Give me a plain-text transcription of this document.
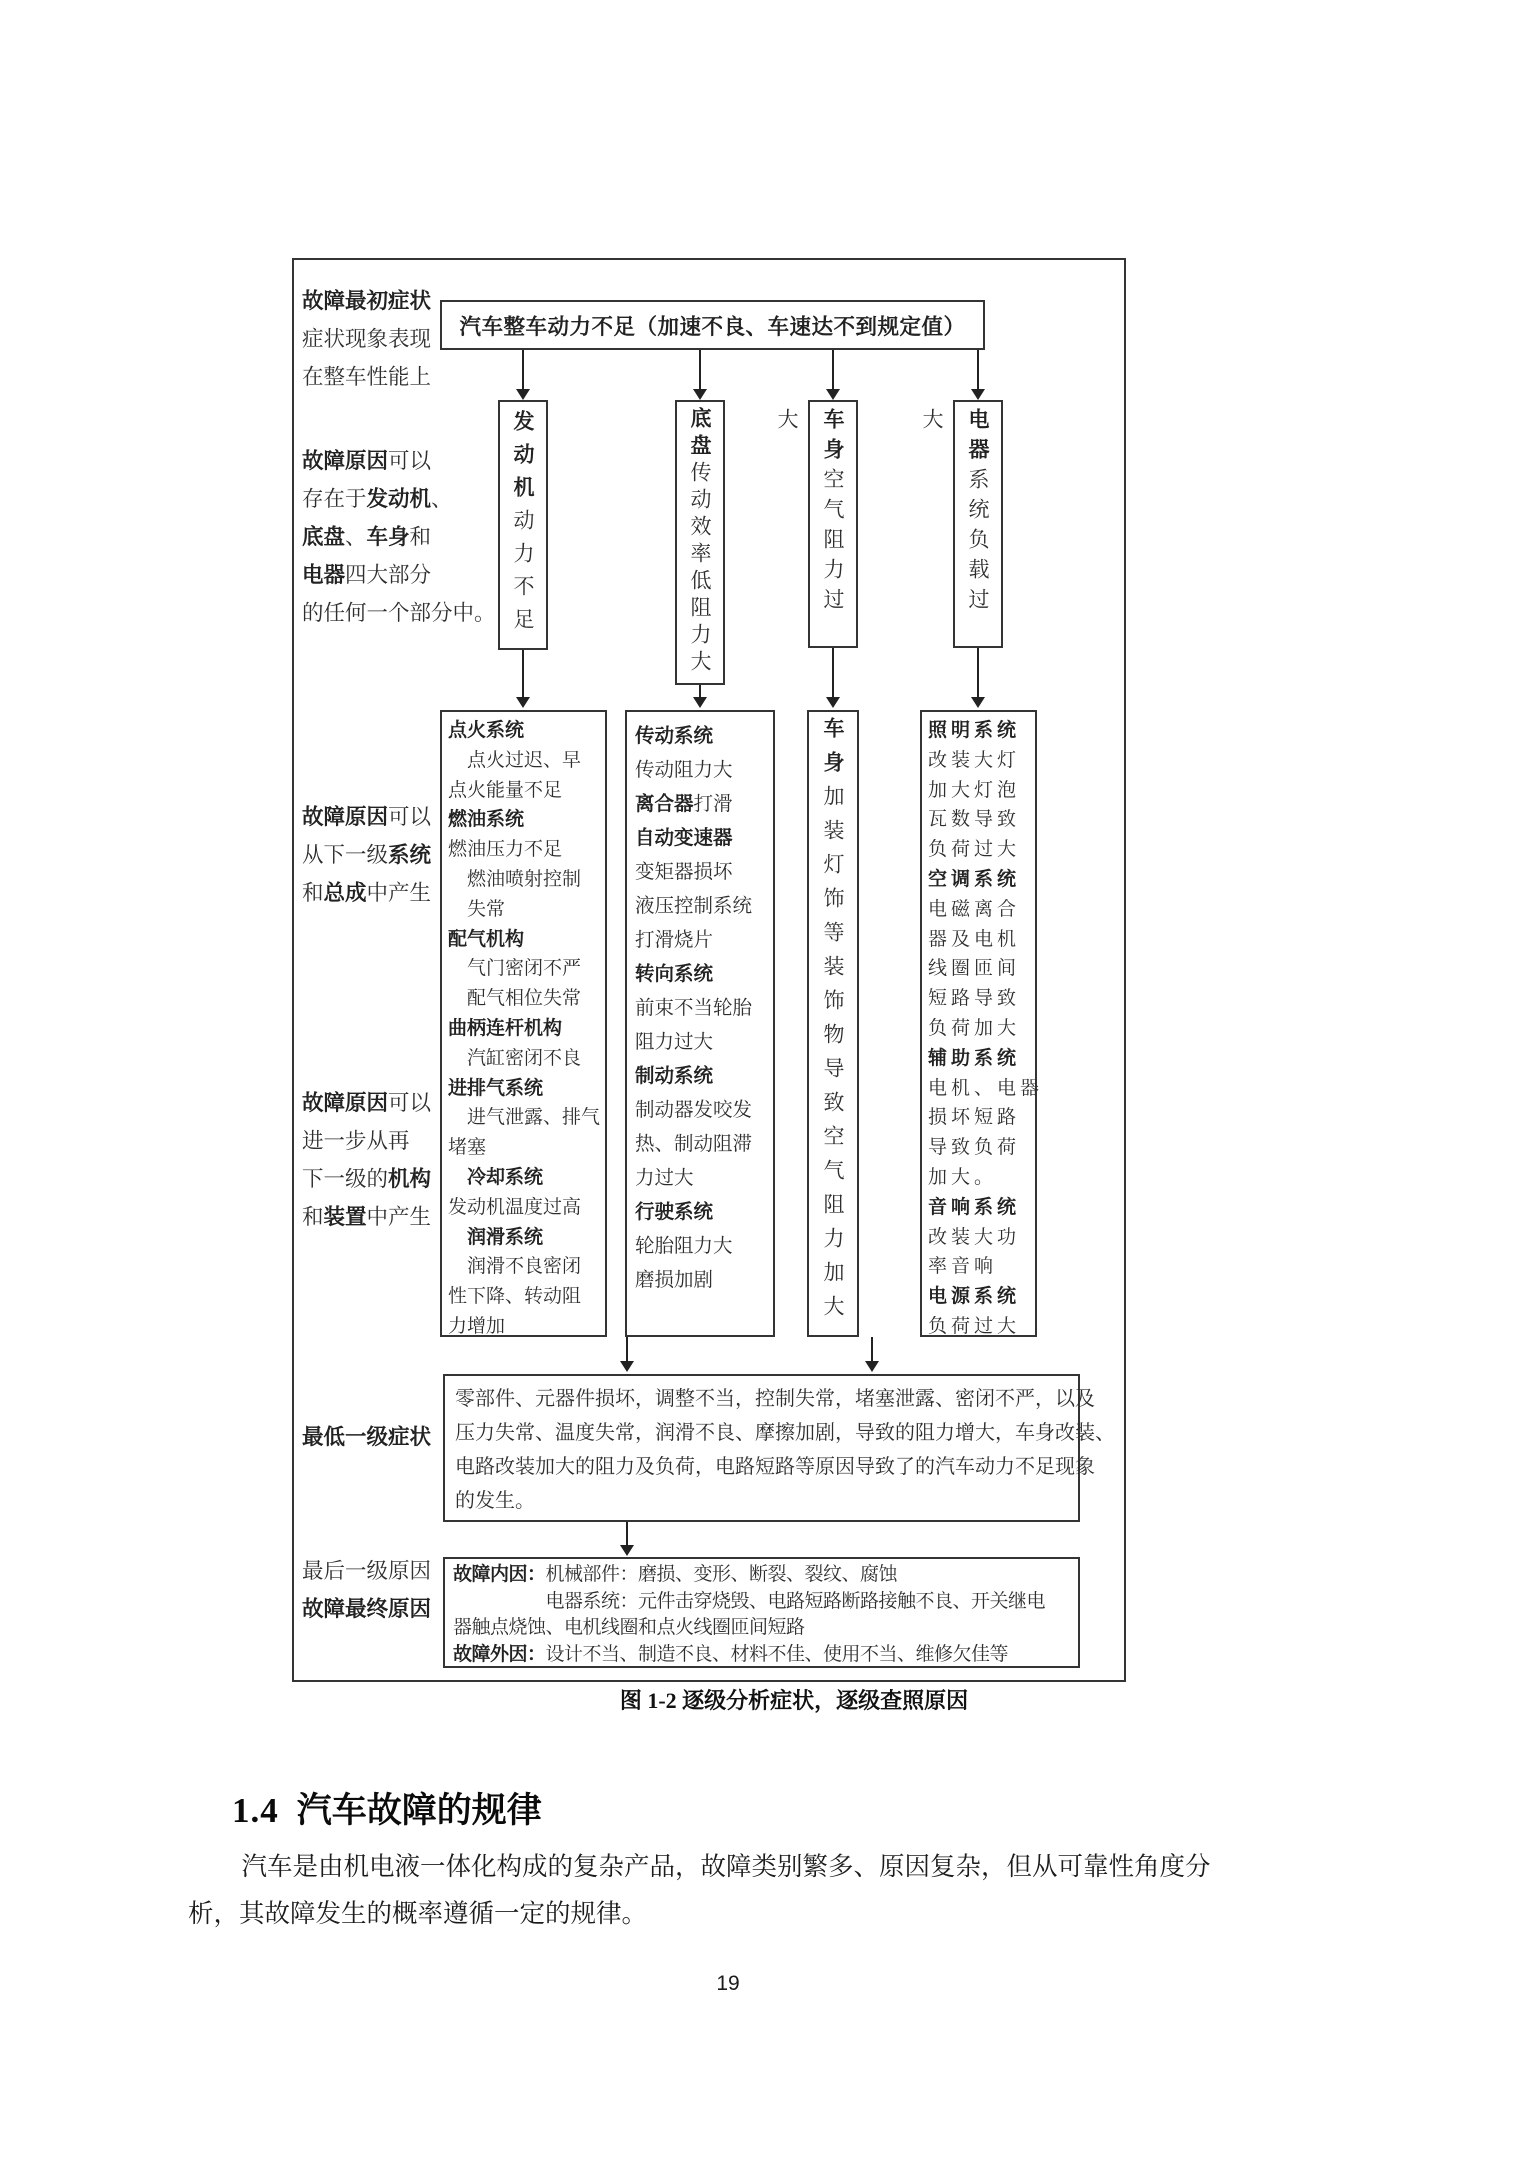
故障最初症状
症状现象表现
在整车性能上
故障原因可以
存在于发动机、
底盘、车身和
电器四大部分
的任何一个部分中。
故障原因可以
从下一级系统
和总成中产生
故障原因可以
进一步从再
下一级的机构
和装置中产生
最低一级症状
最后一级原因
故障最终原因
汽车整车动力不足（加速不良、车速达不到规定值）
发动机动力不足
底盘传动效率低阻力大
车身空气阻力过大	电器系统负载过大
点火系统
　点火过迟、早
点火能量不足
燃油系统
燃油压力不足
　燃油喷射控制
　失常
配气机构
　气门密闭不严
　配气相位失常
曲柄连杆机构
　汽缸密闭不良
进排气系统
　进气泄露、排气
堵塞
　冷却系统
发动机温度过高
　润滑系统
　润滑不良密闭
性下降、转动阻
力增加
传动系统
传动阻力大
离合器打滑
自动变速器
变矩器损坏
液压控制系统
打滑烧片
转向系统
前束不当轮胎
阻力过大
制动系统
制动器发咬发
热、制动阻滞
力过大
行驶系统
轮胎阻力大
磨损加剧
车身加装灯饰等装饰物导致空气阻力加大
照明系统
改装大灯
加大灯泡
瓦数导致
负荷过大
空调系统
电磁离合
器及电机
线圈匝间
短路导致
负荷加大
辅助系统
电机、电器
损坏短路
导致负荷
加大。
音响系统
改装大功
率音响
电源系统
负荷过大
零部件、元器件损坏，调整不当，控制失常，堵塞泄露、密闭不严，以及
压力失常、温度失常，润滑不良、摩擦加剧，导致的阻力增大，车身改装、
电路改装加大的阻力及负荷，电路短路等原因导致了的汽车动力不足现象
的发生。
故障内因：机械部件：磨损、变形、断裂、裂纹、腐蚀
　　　　　电器系统：元件击穿烧毁、电路短路断路接触不良、开关继电
器触点烧蚀、电机线圈和点火线圈匝间短路
故障外因：设计不当、制造不良、材料不佳、使用不当、维修欠佳等
图 1-2 逐级分析症状，逐级查照原因
1.4 汽车故障的规律
汽车是由机电液一体化构成的复杂产品，故障类别繁多、原因复杂，但从可靠性角度分
析，其故障发生的概率遵循一定的规律。
19
